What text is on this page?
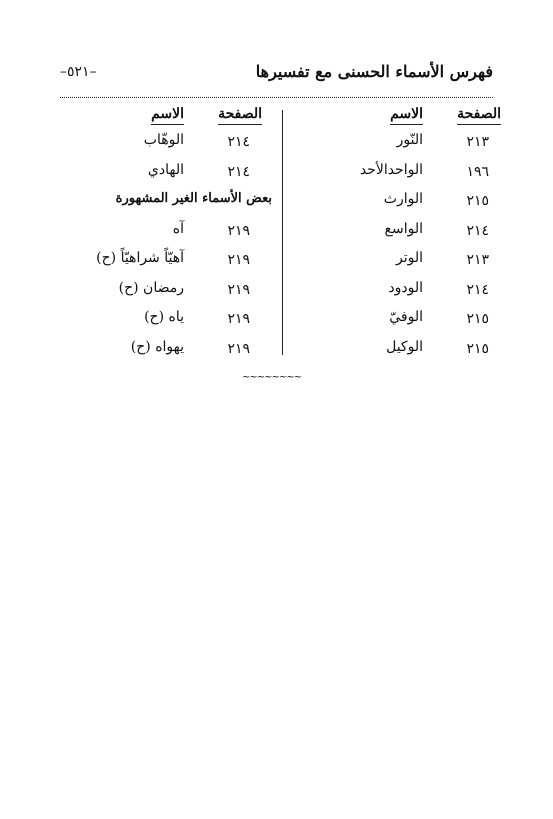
فهرس الأسماء الحسنى مع تفسيرها
–٥٢١–
الصفحة
الاسم
٢١٣
النّور
١٩٦
الواحدالأحد
٢١٥
الوارث
٢١٤
الواسع
٢١٣
الوتر
٢١٤
الودود
٢١٥
الوفيّ
٢١٥
الوكيل
الصفحة
الاسم
٢١٤
الوهّاب
٢١٤
الهادي
بعض الأسماء الغير المشهورة
٢١٩
آه
٢١٩
آهيّاً شراهيّاً (ح)
٢١٩
رمضان (ح)
٢١٩
ياه (ح)
٢١٩
يهواه (ح)
~~~~~~~~
